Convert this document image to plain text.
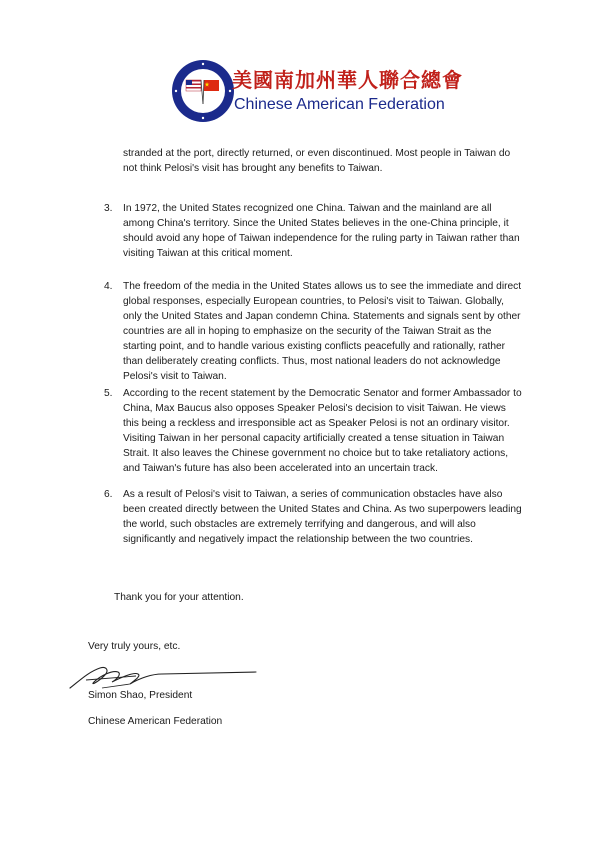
美國南加州華人聯合總會
Chinese American Federation
stranded at the port, directly returned, or even discontinued. Most people in Taiwan do not think Pelosi's visit has brought any benefits to Taiwan.
3. In 1972, the United States recognized one China. Taiwan and the mainland are all among China's territory. Since the United States believes in the one-China principle, it should avoid any hope of Taiwan independence for the ruling party in Taiwan rather than visiting Taiwan at this critical moment.
4. The freedom of the media in the United States allows us to see the immediate and direct global responses, especially European countries, to Pelosi's visit to Taiwan. Globally, only the United States and Japan condemn China. Statements and signals sent by other countries are all in hoping to emphasize on the security of the Taiwan Strait as the starting point, and to handle various existing conflicts peacefully and rationally, rather than deliberately creating conflicts. Thus, most national leaders do not acknowledge Pelosi's visit to Taiwan.
5. According to the recent statement by the Democratic Senator and former Ambassador to China, Max Baucus also opposes Speaker Pelosi's decision to visit Taiwan. He views this being a reckless and irresponsible act as Speaker Pelosi is not an ordinary visitor. Visiting Taiwan in her personal capacity artificially created a tense situation in Taiwan Strait. It also leaves the Chinese government no choice but to take retaliatory actions, and Taiwan's future has also been accelerated into an uncertain track.
6. As a result of Pelosi's visit to Taiwan, a series of communication obstacles have also been created directly between the United States and China. As two superpowers leading the world, such obstacles are extremely terrifying and dangerous, and will also significantly and negatively impact the relationship between the two countries.
Thank you for your attention.
Very truly yours, etc.
Simon Shao, President
Chinese American Federation
